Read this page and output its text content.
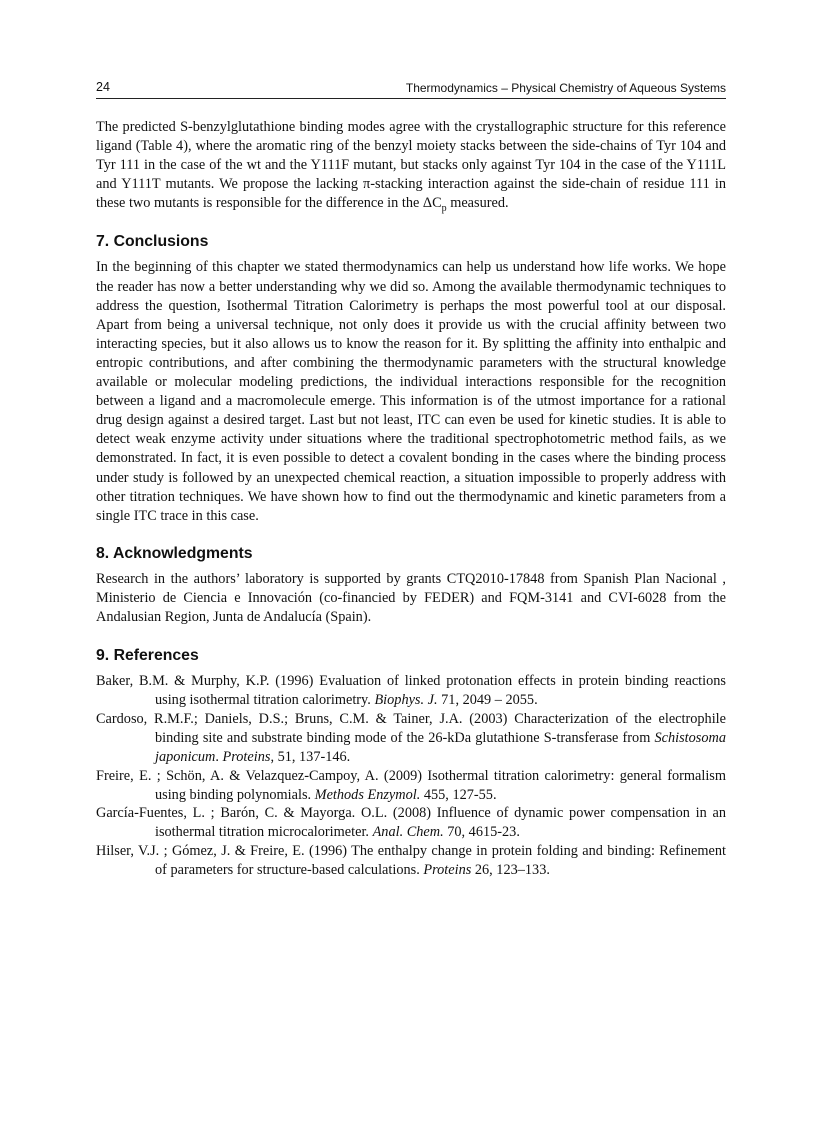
24	Thermodynamics – Physical Chemistry of Aqueous Systems

The predicted S-benzylglutathione binding modes agree with the crystallographic structure for this reference ligand (Table 4), where the aromatic ring of the benzyl moiety stacks between the side-chains of Tyr 104 and Tyr 111 in the case of the wt and the Y111F mutant, but stacks only against Tyr 104 in the case of the Y111L and Y111T mutants. We propose the lacking π-stacking interaction against the side-chain of residue 111 in these two mutants is responsible for the difference in the $\Delta C_p$ measured.

7. Conclusions

In the beginning of this chapter we stated thermodynamics can help us understand how life works. We hope the reader has now a better understanding why we did so. Among the available thermodynamic techniques to address the question, Isothermal Titration Calorimetry is perhaps the most powerful tool at our disposal. Apart from being a universal technique, not only does it provide us with the crucial affinity between two interacting species, but it also allows us to know the reason for it. By splitting the affinity into enthalpic and entropic contributions, and after combining the thermodynamic parameters with the structural knowledge available or molecular modeling predictions, the individual interactions responsible for the recognition between a ligand and a macromolecule emerge. This information is of the utmost importance for a rational drug design against a desired target. Last but not least, ITC can even be used for kinetic studies. It is able to detect weak enzyme activity under situations where the traditional spectrophotometric method fails, as we demonstrated. In fact, it is even possible to detect a covalent bonding in the cases where the binding process under study is followed by an unexpected chemical reaction, a situation impossible to properly address with other titration techniques. We have shown how to find out the thermodynamic and kinetic parameters from a single ITC trace in this case.

8. Acknowledgments

Research in the authors’ laboratory is supported by grants CTQ2010-17848 from Spanish Plan Nacional , Ministerio de Ciencia e Innovación (co-financied by FEDER) and FQM-3141 and CVI-6028 from the Andalusian Region, Junta de Andalucía (Spain).

9. References
Baker, B.M. & Murphy, K.P. (1996) Evaluation of linked protonation effects in protein binding reactions using isothermal titration calorimetry. Biophys. J. 71, 2049 – 2055.
Cardoso, R.M.F.; Daniels, D.S.; Bruns, C.M. & Tainer, J.A. (2003) Characterization of the electrophile binding site and substrate binding mode of the 26-kDa glutathione S-transferase from Schistosoma japonicum. Proteins, 51, 137-146.
Freire, E. ; Schön, A. & Velazquez-Campoy, A. (2009) Isothermal titration calorimetry: general formalism using binding polynomials. Methods Enzymol. 455, 127-55.
García-Fuentes, L. ; Barón, C. & Mayorga. O.L. (2008) Influence of dynamic power compensation in an isothermal titration microcalorimeter. Anal. Chem. 70, 4615-23.
Hilser, V.J. ; Gómez, J. & Freire, E. (1996) The enthalpy change in protein folding and binding: Refinement of parameters for structure-based calculations. Proteins 26, 123–133.
